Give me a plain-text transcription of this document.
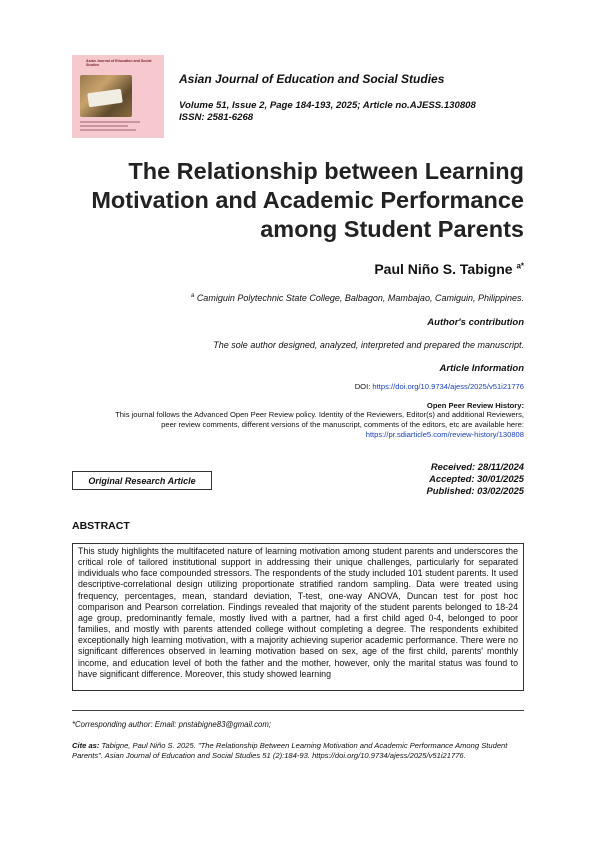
Asian Journal of Education and Social Studies
Asian Journal of Education and Social Studies
Volume 51, Issue 2, Page 184-193, 2025; Article no.AJESS.130808
ISSN: 2581-6268
The Relationship between Learning
Motivation and Academic Performance
among Student Parents
Paul Niño S. Tabigne $^{a*}$
$^a$ Camiguin Polytechnic State College, Balbagon, Mambajao, Camiguin, Philippines.
Author's contribution
The sole author designed, analyzed, interpreted and prepared the manuscript.
Article Information
DOI: https://doi.org/10.9734/ajess/2025/v51i21776
Open Peer Review History:
This journal follows the Advanced Open Peer Review policy. Identity of the Reviewers, Editor(s) and additional Reviewers,
peer review comments, different versions of the manuscript, comments of the editors, etc are available here:
https://pr.sdiarticle5.com/review-history/130808
Original Research Article
Received: 28/11/2024
Accepted: 30/01/2025
Published: 03/02/2025
ABSTRACT

This study highlights the multifaceted nature of learning motivation among student parents and underscores the critical role of tailored institutional support in addressing their unique challenges, particularly for separated individuals who face compounded stressors. The respondents of the study included 101 student parents. It used descriptive-correlational design utilizing proportionate stratified random sampling. Data were treated using frequency, percentages, mean, standard deviation, T-test, one-way ANOVA, Duncan test for post hoc comparison and Pearson correlation. Findings revealed that majority of the student parents belonged to 18-24 age group, predominantly female, mostly lived with a partner, had a first child aged 0-4, belonged to poor families, and mostly with parents attended college without completing a degree. The respondents exhibited exceptionally high learning motivation, with a majority achieving superior academic performance. There were no significant differences observed in learning motivation based on sex, age of the first child, parents' monthly income, and education level of both the father and the mother, however, only the marital status was found to have significant difference. Moreover, this study showed learning

*Corresponding author: Email: pnstabigne83@gmail.com;
Cite as: Tabigne, Paul Niño S. 2025. "The Relationship Between Learning Motivation and Academic Performance Among Student Parents". Asian Journal of Education and Social Studies 51 (2):184-93. https://doi.org/10.9734/ajess/2025/v51i21776.
